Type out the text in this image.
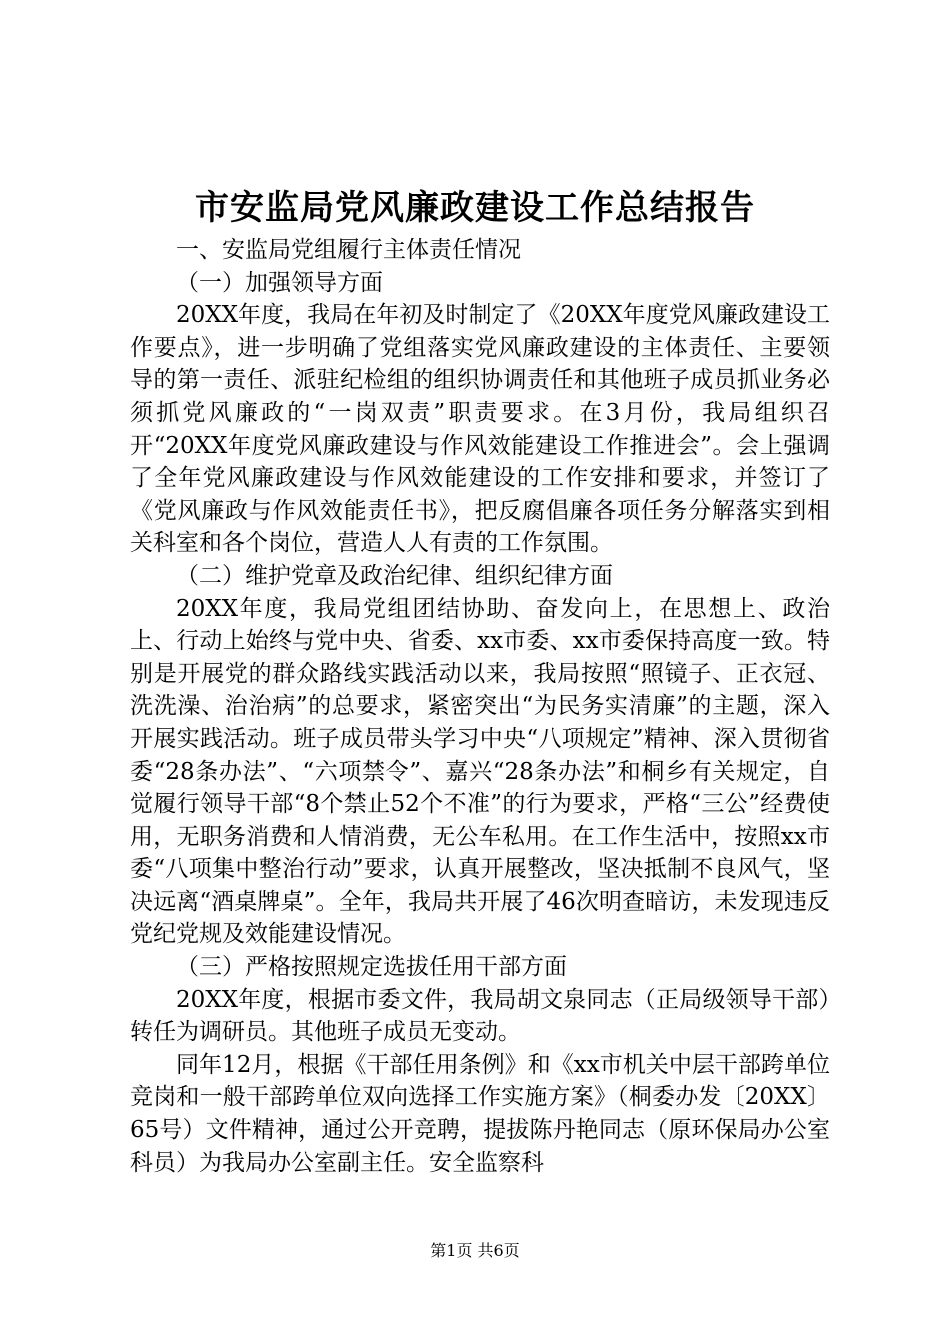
市安监局党风廉政建设工作总结报告

一、安监局党组履行主体责任情况

（一）加强领导方面

20XX年度，我局在年初及时制定了《20XX年度党风廉政建设工作要点》，进一步明确了党组落实党风廉政建设的主体责任、主要领导的第一责任、派驻纪检组的组织协调责任和其他班子成员抓业务必须抓党风廉政的“一岗双责”职责要求。在3月份，我局组织召开“20XX年度党风廉政建设与作风效能建设工作推进会”。会上强调了全年党风廉政建设与作风效能建设的工作安排和要求，并签订了《党风廉政与作风效能责任书》，把反腐倡廉各项任务分解落实到相关科室和各个岗位，营造人人有责的工作氛围。

（二）维护党章及政治纪律、组织纪律方面

20XX年度，我局党组团结协助、奋发向上，在思想上、政治上、行动上始终与党中央、省委、xx市委、xx市委保持高度一致。特别是开展党的群众路线实践活动以来，我局按照“照镜子、正衣冠、洗洗澡、治治病”的总要求，紧密突出“为民务实清廉”的主题，深入开展实践活动。班子成员带头学习中央“八项规定”精神、深入贯彻省委“28条办法”、“六项禁令”、嘉兴“28条办法”和桐乡有关规定，自觉履行领导干部“8个禁止52个不准”的行为要求，严格“三公”经费使用，无职务消费和人情消费，无公车私用。在工作生活中，按照xx市委“八项集中整治行动”要求，认真开展整改，坚决抵制不良风气，坚决远离“酒桌牌桌”。全年，我局共开展了46次明查暗访，未发现违反党纪党规及效能建设情况。

（三）严格按照规定选拔任用干部方面

20XX年度，根据市委文件，我局胡文泉同志（正局级领导干部）转任为调研员。其他班子成员无变动。

同年12月，根据《干部任用条例》和《xx市机关中层干部跨单位竞岗和一般干部跨单位双向选择工作实施方案》（桐委办发〔20XX〕65号）文件精神，通过公开竞聘，提拔陈丹艳同志（原环保局办公室科员）为我局办公室副主任。安全监察科

第1页 共6页
